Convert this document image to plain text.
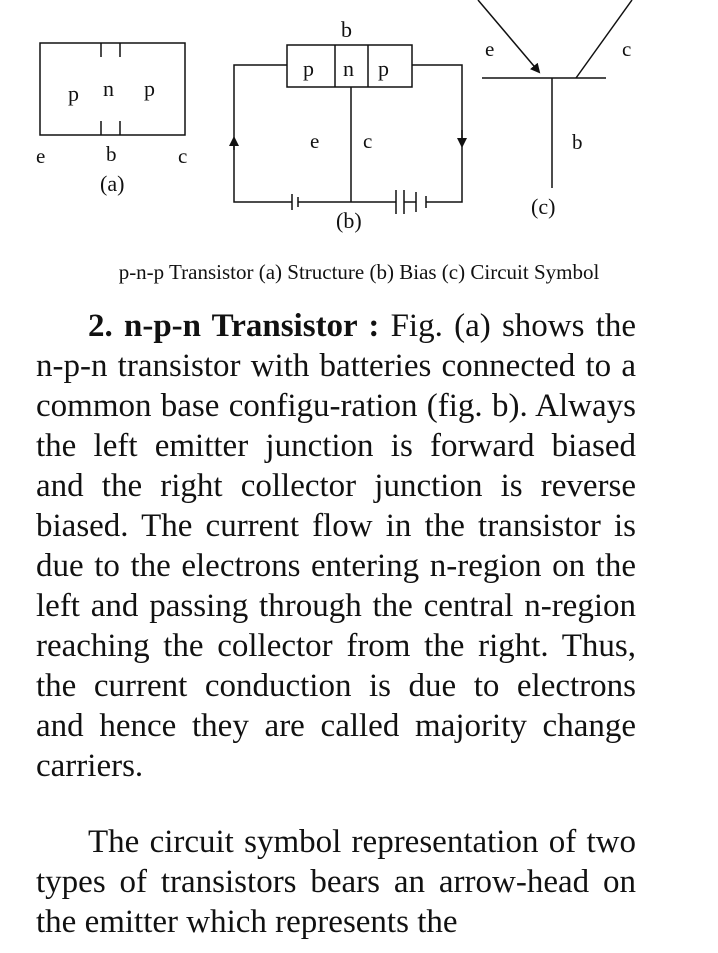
p n p
e	b	c
(a)
b
p n p
e c
(b)
e	c
b
(c)
p-n-p Transistor (a) Structure (b) Bias (c) Circuit Symbol

2. n-p-n Transistor : Fig. (a) shows the n-p-n transistor with batteries connected to a common base configu-ration (fig. b). Always the left emitter junction is forward biased and the right collector junction is reverse biased. The current flow in the transistor is due to the electrons entering n-region on the left and passing through the central n-region reaching the collector from the right. Thus, the current conduction is due to electrons and hence they are called majority change carriers.

The circuit symbol representation of two types of transistors bears an arrow-head on the emitter which represents the
